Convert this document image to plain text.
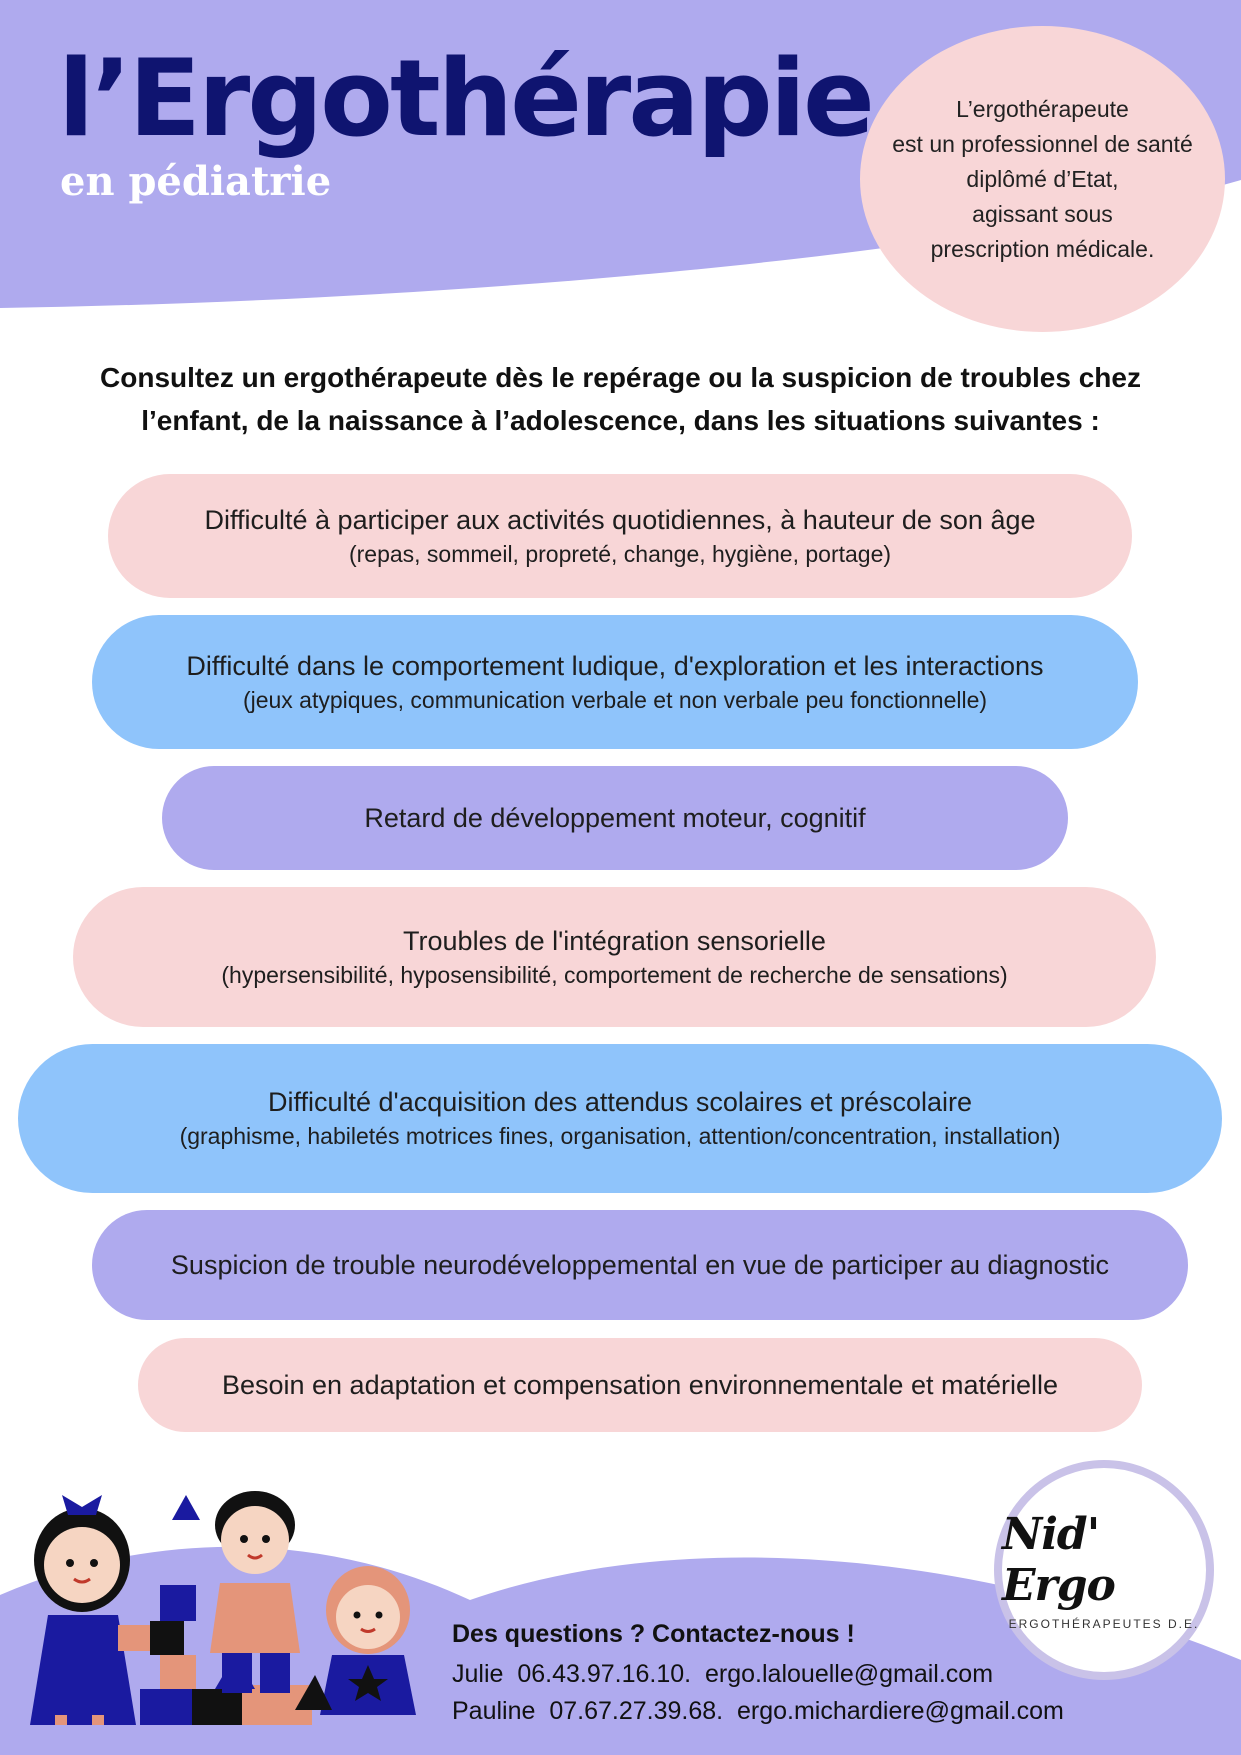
l’Ergothérapie
en pédiatrie
L’ergothérapeute
est un professionnel de santé
diplômé d’Etat,
agissant sous
prescription médicale.

Consultez un ergothérapeute dès le repérage ou la suspicion de troubles chez
l’enfant, de la naissance à l’adolescence, dans les situations suivantes :

Difficulté à participer aux activités quotidiennes, à hauteur de son âge
(repas, sommeil, propreté, change, hygiène, portage)
Difficulté dans le comportement ludique, d'exploration et les interactions
(jeux atypiques, communication verbale et non verbale peu fonctionnelle)
Retard de développement moteur, cognitif
Troubles de l'intégration sensorielle
(hypersensibilité, hyposensibilité, comportement de recherche de sensations)
Difficulté d'acquisition des attendus scolaires et préscolaire
(graphisme, habiletés motrices fines, organisation, attention/concentration, installation)
Suspicion de trouble neurodéveloppemental en vue de participer au diagnostic
Besoin en adaptation et compensation environnementale et matérielle
Nid' Ergo
ERGOTHÉRAPEUTES D.E.
Des questions ? Contactez-nous !
Julie 06.43.97.16.10. ergo.lalouelle@gmail.com
Pauline 07.67.27.39.68. ergo.michardiere@gmail.com
